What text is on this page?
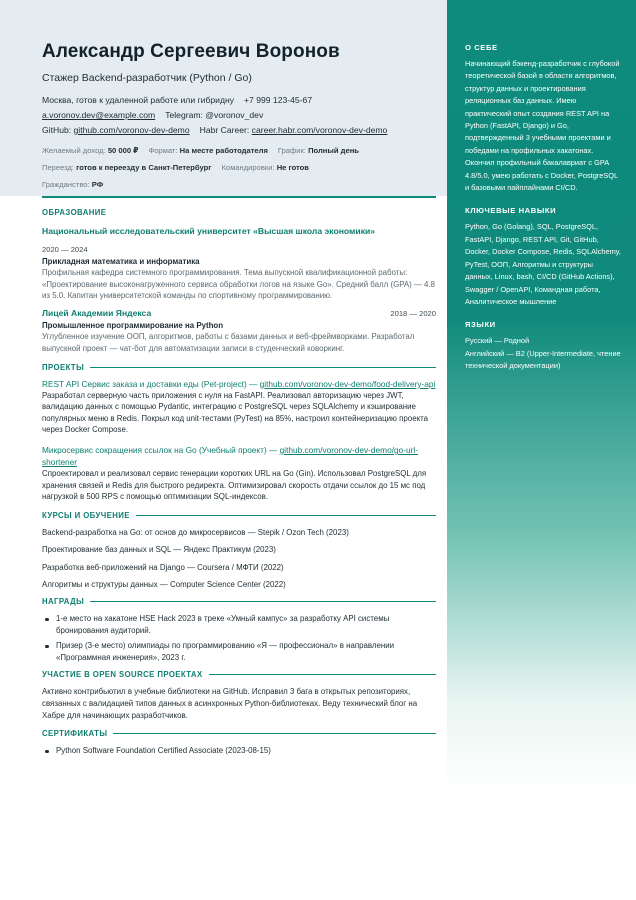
Александр Сергеевич Воронов
Стажер Backend-разработчик (Python / Go)
Москва, готов к удаленной работе или гибридну +7 999 123-45-67
a.voronov.dev@example.com Telegram: @voronov_dev
GitHub: github.com/voronov-dev-demo Habr Career: career.habr.com/voronov-dev-demo
Желаемый доход: 50 000 ₽ Формат: На месте работодателя График: Полный день
Переезд: готов к переезду в Санкт-Петербург Командировки: Не готов
Гражданство: РФ
О СЕБЕ
Начинающий бэкенд-разработчик с глубокой теоретической базой в области алгоритмов, структур данных и проектирования реляционных баз данных. Имею практический опыт создания REST API на Python (FastAPI, Django) и Go, подтвержденный 3 учебными проектами и победами на профильных хакатонах. Окончил профильный бакалавриат с GPA 4.8/5.0, умею работать с Docker, PostgreSQL и базовыми пайплайнами CI/CD.
КЛЮЧЕВЫЕ НАВЫКИ
Python, Go (Golang), SQL, PostgreSQL, FastAPI, Django, REST API, Git, GitHub, Docker, Docker Compose, Redis, SQLAlchemy, PyTest, ООП, Алгоритмы и структуры данных, Linux, bash, CI/CD (GitHub Actions), Swagger / OpenAPI, Командная работа, Аналитическое мышление
ЯЗЫКИ
Русский — Родной
Английский — B2 (Upper-Intermediate, чтение технической документации)
ОБРАЗОВАНИЕ
Национальный исследовательский университет «Высшая школа экономики»
2020 — 2024
Прикладная математика и информатика
Профильная кафедра системного программирования. Тема выпускной квалификационной работы: «Проектирование высоконагруженного сервиса обработки логов на языке Go». Средний балл (GPA) — 4.8 из 5.0. Капитан университетской команды по спортивному программированию.
Лицей Академии Яндекса	2018 — 2020
Промышленное программирование на Python
Углубленное изучение ООП, алгоритмов, работы с базами данных и веб-фреймворками. Разработал выпускной проект — чат-бот для автоматизации записи в студенческий коворкинг.
ПРОЕКТЫ
REST API Сервис заказа и доставки еды (Pet-project) — github.com/voronov-dev-demo/food-delivery-api
Разработал серверную часть приложения с нуля на FastAPI. Реализовал авторизацию через JWT, валидацию данных с помощью Pydantic, интеграцию с PostgreSQL через SQLAlchemy и кэширование популярных меню в Redis. Покрыл код unit-тестами (PyTest) на 85%, настроил контейнеризацию проекта через Docker Compose.
Микросервис сокращения ссылок на Go (Учебный проект) — github.com/voronov-dev-demo/go-url-shortener
Спроектировал и реализовал сервис генерации коротких URL на Go (Gin). Использовал PostgreSQL для хранения связей и Redis для быстрого редиректа. Оптимизировал скорость отдачи ссылок до 15 мс под нагрузкой в 500 RPS с помощью оптимизации SQL-индексов.
КУРСЫ И ОБУЧЕНИЕ
Backend-разработка на Go: от основ до микросервисов — Stepik / Ozon Tech (2023)
Проектирование баз данных и SQL — Яндекс Практикум (2023)
Разработка веб-приложений на Django — Coursera / МФТИ (2022)
Алгоритмы и структуры данных — Computer Science Center (2022)
НАГРАДЫ
1-е место на хакатоне HSE Hack 2023 в треке «Умный кампус» за разработку API системы бронирования аудиторий.
Призер (3-е место) олимпиады по программированию «Я — профессионал» в направлении «Программная инженерия», 2023 г.
УЧАСТИЕ В OPEN SOURCE ПРОЕКТАХ
Активно контрибьютил в учебные библиотеки на GitHub. Исправил 3 бага в открытых репозиториях, связанных с валидацией типов данных в асинхронных Python-библиотеках. Веду технический блог на Хабре для начинающих разработчиков.
СЕРТИФИКАТЫ
Python Software Foundation Certified Associate (2023-08-15)
